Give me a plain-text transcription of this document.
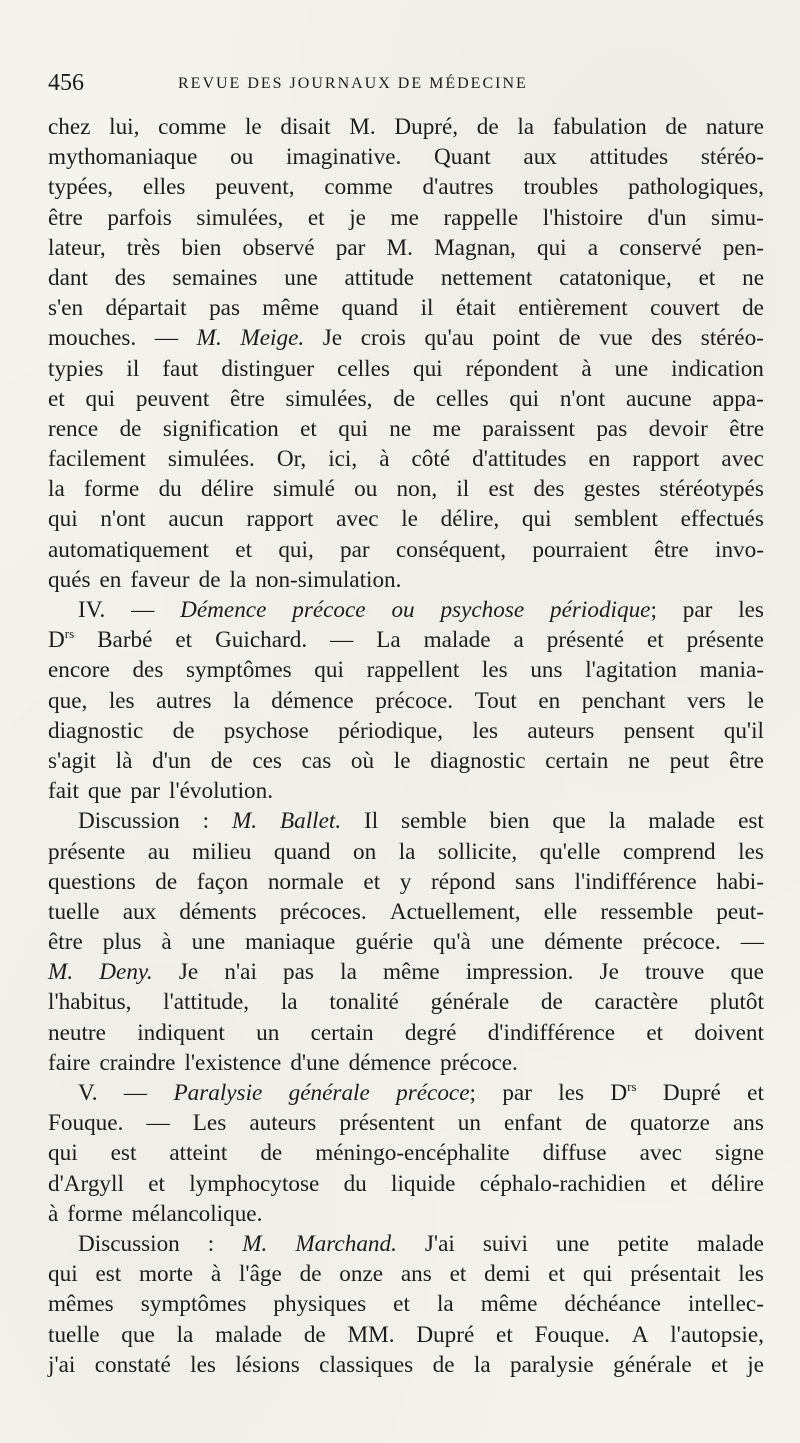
456	REVUE DES JOURNAUX DE MÉDECINE
chez lui, comme le disait M. Dupré, de la fabulation de nature
mythomaniaque ou imaginative. Quant aux attitudes stéréo-
typées, elles peuvent, comme d'autres troubles pathologiques,
être parfois simulées, et je me rappelle l'histoire d'un simu-
lateur, très bien observé par M. Magnan, qui a conservé pen-
dant des semaines une attitude nettement catatonique, et ne
s'en départait pas même quand il était entièrement couvert de
mouches. — M. Meige. Je crois qu'au point de vue des stéréo-
typies il faut distinguer celles qui répondent à une indication
et qui peuvent être simulées, de celles qui n'ont aucune appa-
rence de signification et qui ne me paraissent pas devoir être
facilement simulées. Or, ici, à côté d'attitudes en rapport avec
la forme du délire simulé ou non, il est des gestes stéréotypés
qui n'ont aucun rapport avec le délire, qui semblent effectués
automatiquement et qui, par conséquent, pourraient être invo-
qués en faveur de la non-simulation.
IV. — Démence précoce ou psychose périodique; par les
$D^{rs}$ Barbé et Guichard. — La malade a présenté et présente
encore des symptômes qui rappellent les uns l'agitation mania-
que, les autres la démence précoce. Tout en penchant vers le
diagnostic de psychose périodique, les auteurs pensent qu'il
s'agit là d'un de ces cas où le diagnostic certain ne peut être
fait que par l'évolution.
Discussion : M. Ballet. Il semble bien que la malade est
présente au milieu quand on la sollicite, qu'elle comprend les
questions de façon normale et y répond sans l'indifférence habi-
tuelle aux déments précoces. Actuellement, elle ressemble peut-
être plus à une maniaque guérie qu'à une démente précoce. —
M. Deny. Je n'ai pas la même impression. Je trouve que
l'habitus, l'attitude, la tonalité générale de caractère plutôt
neutre indiquent un certain degré d'indifférence et doivent
faire craindre l'existence d'une démence précoce.
V. — Paralysie générale précoce; par les $D^{rs}$ Dupré et
Fouque. — Les auteurs présentent un enfant de quatorze ans
qui est atteint de méningo-encéphalite diffuse avec signe
d'Argyll et lymphocytose du liquide céphalo-rachidien et délire
à forme mélancolique.
Discussion : M. Marchand. J'ai suivi une petite malade
qui est morte à l'âge de onze ans et demi et qui présentait les
mêmes symptômes physiques et la même déchéance intellec-
tuelle que la malade de MM. Dupré et Fouque. A l'autopsie,
j'ai constaté les lésions classiques de la paralysie générale et je
